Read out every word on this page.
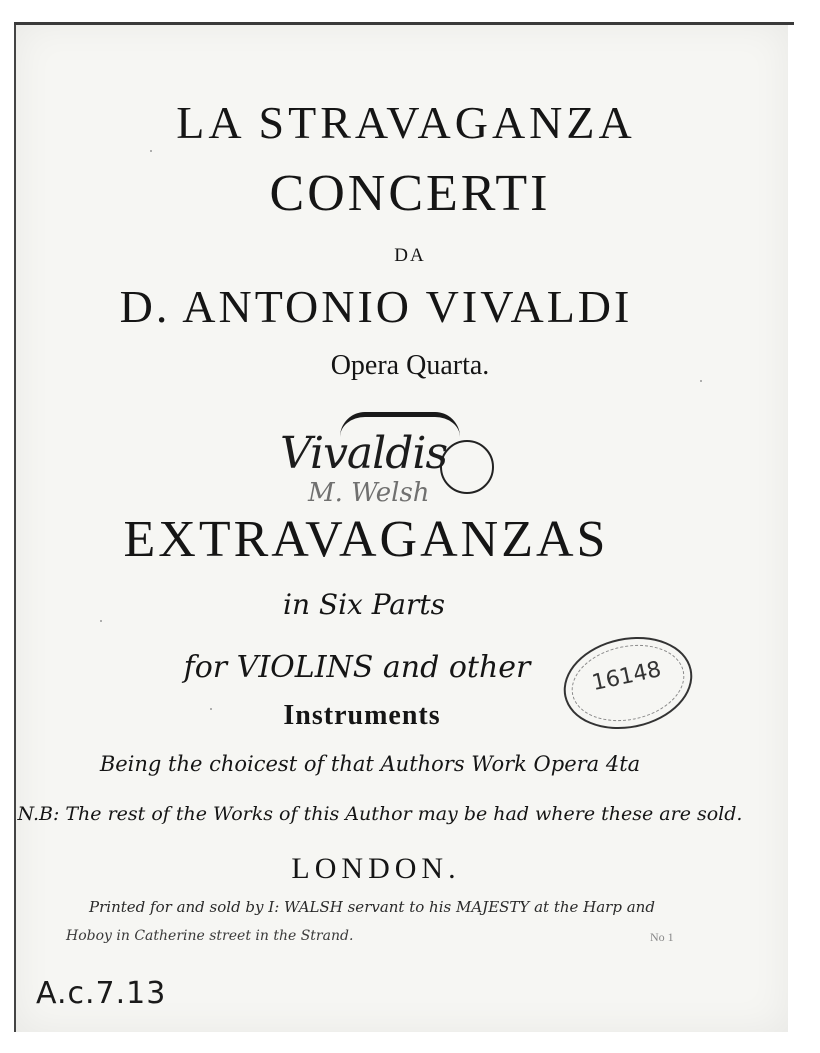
LA STRAVAGANZA
CONCERTI
DA
D. ANTONIO VIVALDI
Opera Quarta.
Vivaldis
M. Welsh
EXTRAVAGANZAS
in Six Parts
for VIOLINS and other
Instruments
Being the choicest of that Authors Work Opera 4ta
N.B: The rest of the Works of this Author may be had where these are sold.
LONDON.
Printed for and sold by I: WALSH servant to his MAJESTY at the Harp and
Hoboy in Catherine street in the Strand.	No 1
16148
A.c.7.13
